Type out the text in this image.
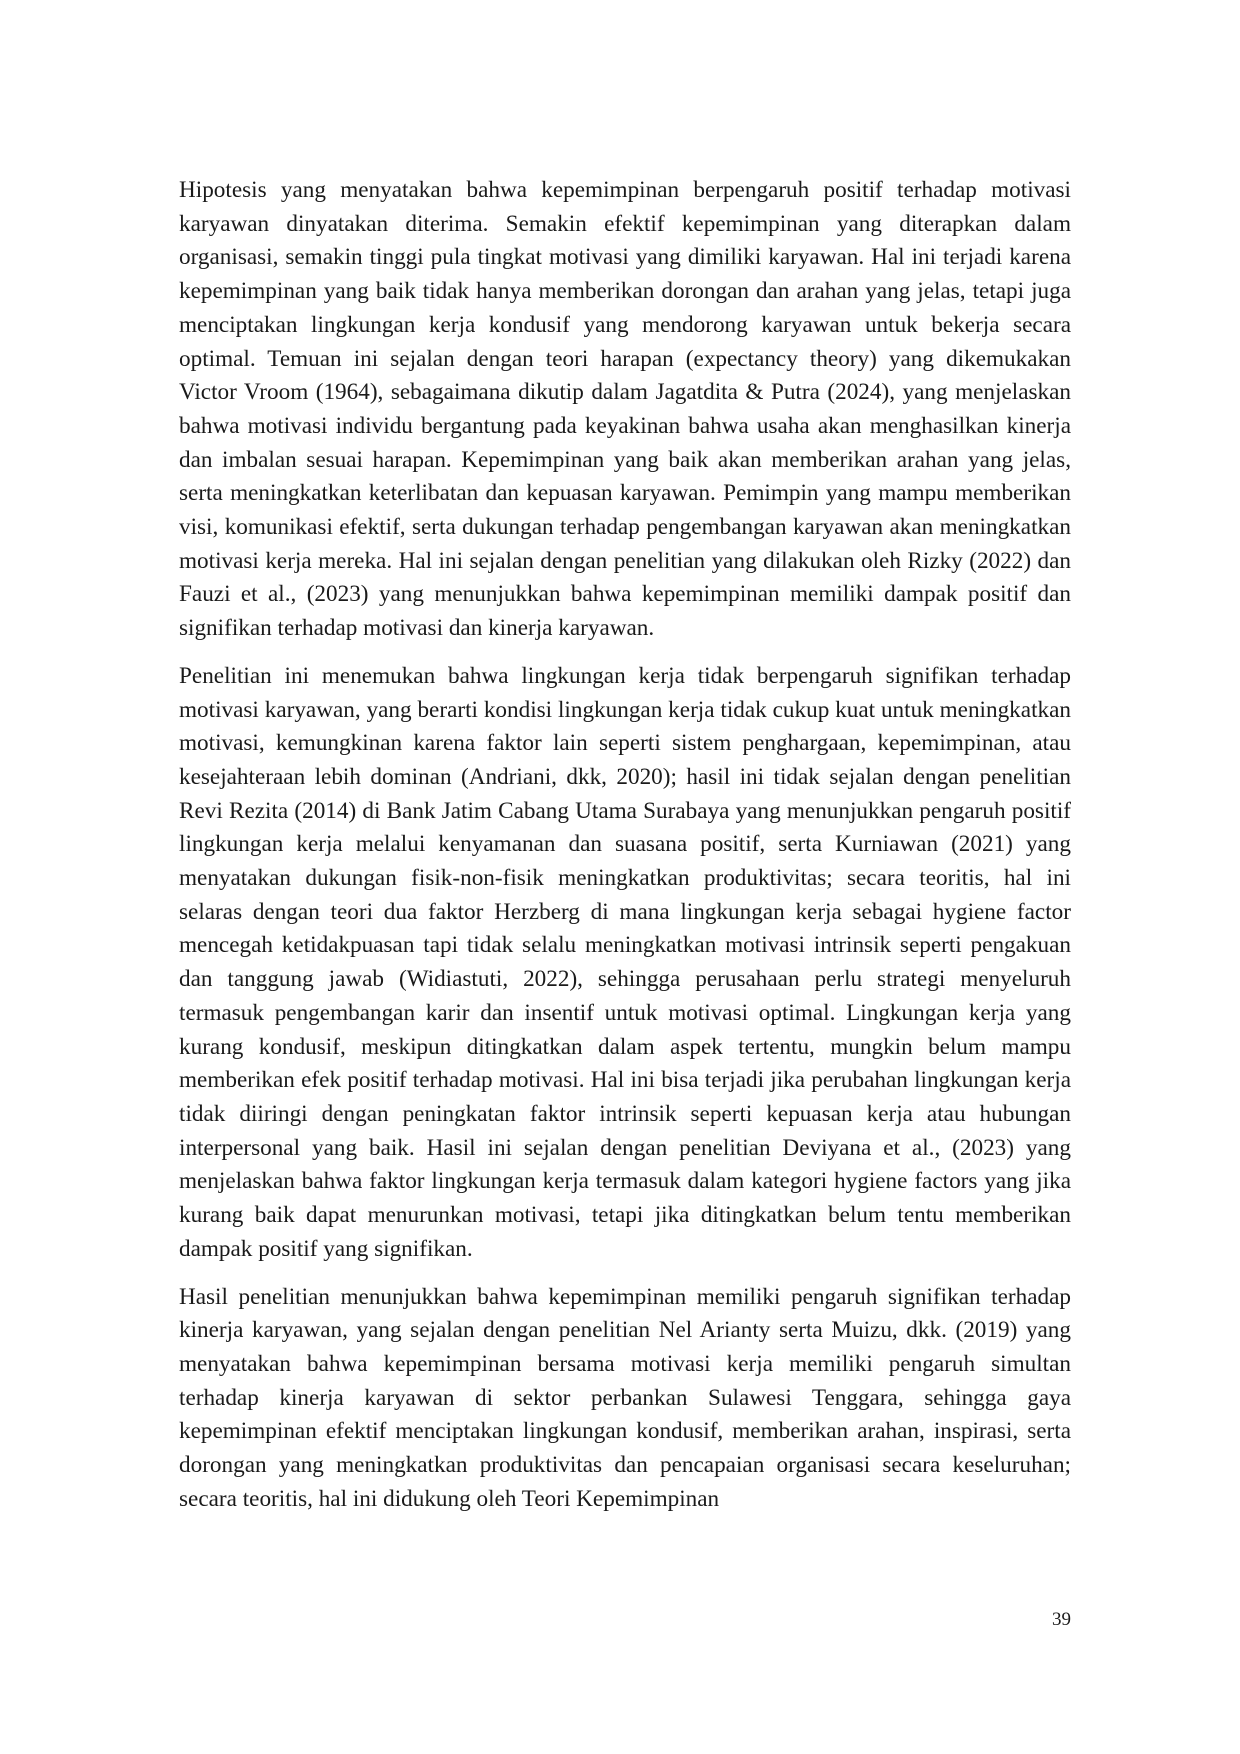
Hipotesis yang menyatakan bahwa kepemimpinan berpengaruh positif terhadap motivasi karyawan dinyatakan diterima. Semakin efektif kepemimpinan yang diterapkan dalam organisasi, semakin tinggi pula tingkat motivasi yang dimiliki karyawan. Hal ini terjadi karena kepemimpinan yang baik tidak hanya memberikan dorongan dan arahan yang jelas, tetapi juga menciptakan lingkungan kerja kondusif yang mendorong karyawan untuk bekerja secara optimal. Temuan ini sejalan dengan teori harapan (expectancy theory) yang dikemukakan Victor Vroom (1964), sebagaimana dikutip dalam Jagatdita & Putra (2024), yang menjelaskan bahwa motivasi individu bergantung pada keyakinan bahwa usaha akan menghasilkan kinerja dan imbalan sesuai harapan. Kepemimpinan yang baik akan memberikan arahan yang jelas, serta meningkatkan keterlibatan dan kepuasan karyawan. Pemimpin yang mampu memberikan visi, komunikasi efektif, serta dukungan terhadap pengembangan karyawan akan meningkatkan motivasi kerja mereka. Hal ini sejalan dengan penelitian yang dilakukan oleh Rizky (2022) dan Fauzi et al., (2023) yang menunjukkan bahwa kepemimpinan memiliki dampak positif dan signifikan terhadap motivasi dan kinerja karyawan.

Penelitian ini menemukan bahwa lingkungan kerja tidak berpengaruh signifikan terhadap motivasi karyawan, yang berarti kondisi lingkungan kerja tidak cukup kuat untuk meningkatkan motivasi, kemungkinan karena faktor lain seperti sistem penghargaan, kepemimpinan, atau kesejahteraan lebih dominan (Andriani, dkk, 2020); hasil ini tidak sejalan dengan penelitian Revi Rezita (2014) di Bank Jatim Cabang Utama Surabaya yang menunjukkan pengaruh positif lingkungan kerja melalui kenyamanan dan suasana positif, serta Kurniawan (2021) yang menyatakan dukungan fisik-non-fisik meningkatkan produktivitas; secara teoritis, hal ini selaras dengan teori dua faktor Herzberg di mana lingkungan kerja sebagai hygiene factor mencegah ketidakpuasan tapi tidak selalu meningkatkan motivasi intrinsik seperti pengakuan dan tanggung jawab (Widiastuti, 2022), sehingga perusahaan perlu strategi menyeluruh termasuk pengembangan karir dan insentif untuk motivasi optimal. Lingkungan kerja yang kurang kondusif, meskipun ditingkatkan dalam aspek tertentu, mungkin belum mampu memberikan efek positif terhadap motivasi. Hal ini bisa terjadi jika perubahan lingkungan kerja tidak diiringi dengan peningkatan faktor intrinsik seperti kepuasan kerja atau hubungan interpersonal yang baik. Hasil ini sejalan dengan penelitian Deviyana et al., (2023) yang menjelaskan bahwa faktor lingkungan kerja termasuk dalam kategori hygiene factors yang jika kurang baik dapat menurunkan motivasi, tetapi jika ditingkatkan belum tentu memberikan dampak positif yang signifikan.

Hasil penelitian menunjukkan bahwa kepemimpinan memiliki pengaruh signifikan terhadap kinerja karyawan, yang sejalan dengan penelitian Nel Arianty serta Muizu, dkk. (2019) yang menyatakan bahwa kepemimpinan bersama motivasi kerja memiliki pengaruh simultan terhadap kinerja karyawan di sektor perbankan Sulawesi Tenggara, sehingga gaya kepemimpinan efektif menciptakan lingkungan kondusif, memberikan arahan, inspirasi, serta dorongan yang meningkatkan produktivitas dan pencapaian organisasi secara keseluruhan; secara teoritis, hal ini didukung oleh Teori Kepemimpinan

39
